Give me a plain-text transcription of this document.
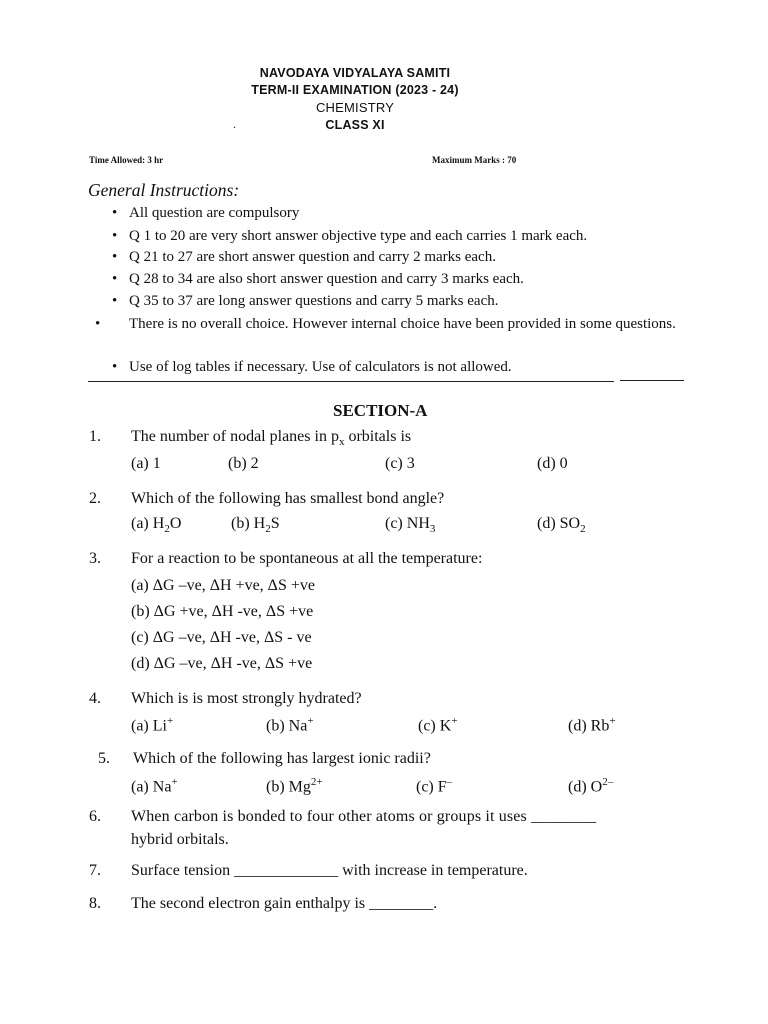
NAVODAYA VIDYALAYA SAMITI
TERM-II EXAMINATION (2023 - 24)
CHEMISTRY
CLASS XI
.
Time Allowed: 3 hr	Maximum Marks : 70
General Instructions:
• All question are compulsory
• Q 1 to 20 are very short answer objective type and each carries 1 mark each.
• Q 21 to 27 are short answer question and carry 2 marks each.
• Q 28 to 34 are also short answer question and carry 3 marks each.
• Q 35 to 37 are long answer questions and carry 5 marks each.
• There is no overall choice. However internal choice have been provided in some questions.
• Use of log tables if necessary. Use of calculators is not allowed.
SECTION-A
1. The number of nodal planes in $p_x$ orbitals is
(a) 1	(b) 2	(c) 3	(d) 0
2. Which of the following has smallest bond angle?
(a) $H_2O$	(b) $H_2S$	(c) $NH_3$	(d) $SO_2$
3. For a reaction to be spontaneous at all the temperature:
(a) ΔG –ve, ΔH +ve, ΔS +ve
(b) ΔG +ve, ΔH -ve, ΔS +ve
(c) ΔG –ve, ΔH -ve, ΔS - ve
(d) ΔG –ve, ΔH -ve, ΔS +ve
4. Which is is most strongly hydrated?
(a) Li+	(b) Na+	(c) K+	(d) Rb+
5. Which of the following has largest ionic radii?
(a) Na+	(b) $Mg^{2+}$	(c) F–	(d) $O^{2-}$
6. When carbon is bonded to four other atoms or groups it uses ________
hybrid orbitals.
7. Surface tension _____________ with increase in temperature.
8. The second electron gain enthalpy is ________.
